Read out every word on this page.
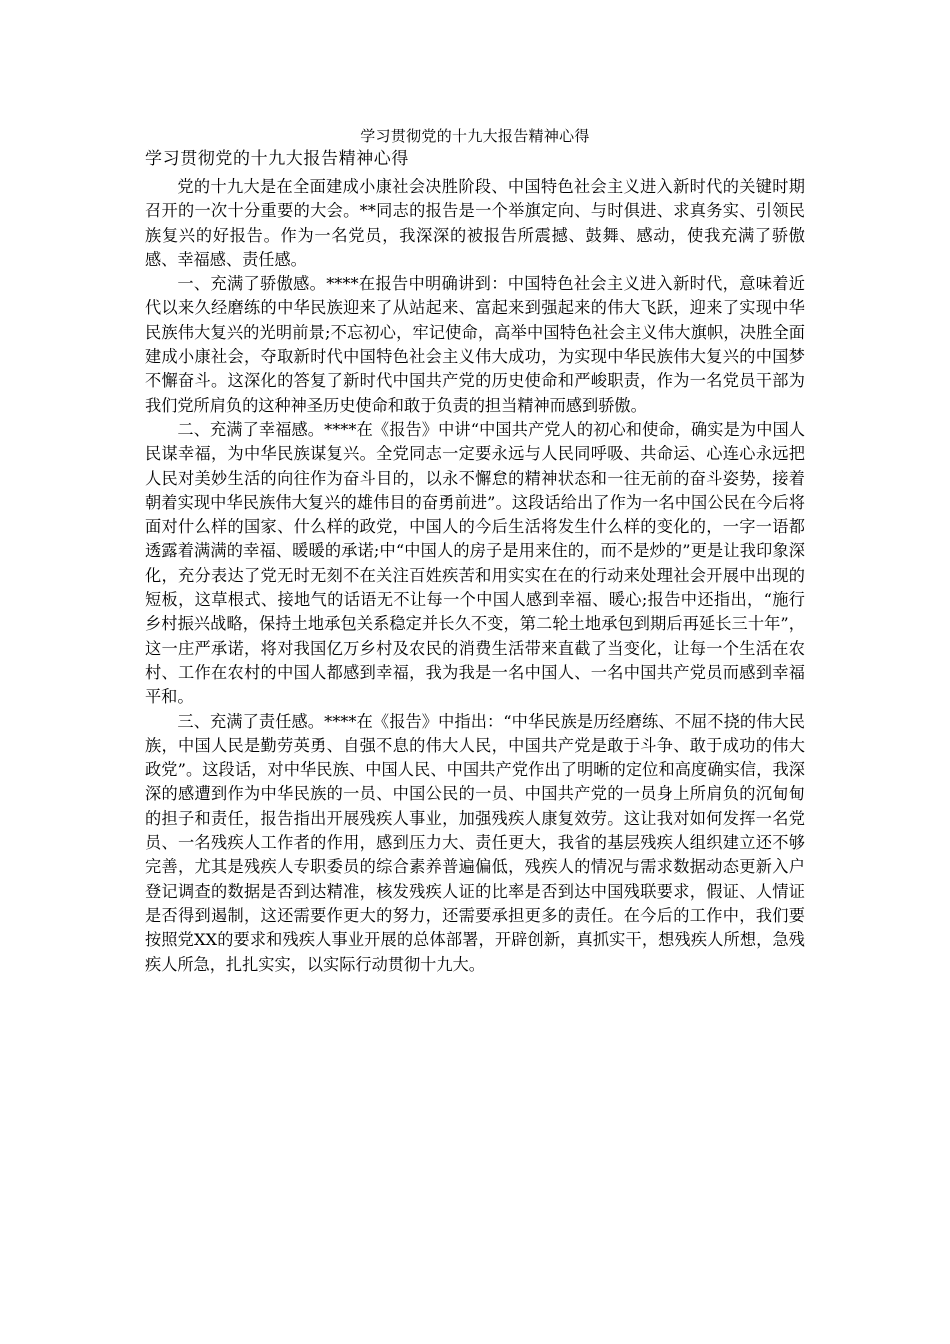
学习贯彻党的十九大报告精神心得
学习贯彻党的十九大报告精神心得

党的十九大是在全面建成小康社会决胜阶段、中国特色社会主义进入新时代的关键时期召开的一次十分重要的大会。**同志的报告是一个举旗定向、与时俱进、求真务实、引领民族复兴的好报告。作为一名党员，我深深的被报告所震撼、鼓舞、感动，使我充满了骄傲感、幸福感、责任感。

一、充满了骄傲感。****在报告中明确讲到：中国特色社会主义进入新时代，意味着近代以来久经磨练的中华民族迎来了从站起来、富起来到强起来的伟大飞跃，迎来了实现中华民族伟大复兴的光明前景;不忘初心，牢记使命，高举中国特色社会主义伟大旗帜，决胜全面建成小康社会，夺取新时代中国特色社会主义伟大成功，为实现中华民族伟大复兴的中国梦不懈奋斗。这深化的答复了新时代中国共产党的历史使命和严峻职责，作为一名党员干部为我们党所肩负的这种神圣历史使命和敢于负责的担当精神而感到骄傲。

二、充满了幸福感。****在《报告》中讲“中国共产党人的初心和使命，确实是为中国人民谋幸福，为中华民族谋复兴。全党同志一定要永远与人民同呼吸、共命运、心连心永远把人民对美妙生活的向往作为奋斗目的，以永不懈怠的精神状态和一往无前的奋斗姿势，接着朝着实现中华民族伟大复兴的雄伟目的奋勇前进”。这段话给出了作为一名中国公民在今后将面对什么样的国家、什么样的政党，中国人的今后生活将发生什么样的变化的，一字一语都透露着满满的幸福、暖暖的承诺;中“中国人的房子是用来住的，而不是炒的”更是让我印象深化，充分表达了党无时无刻不在关注百姓疾苦和用实实在在的行动来处理社会开展中出现的短板，这草根式、接地气的话语无不让每一个中国人感到幸福、暖心;报告中还指出，“施行乡村振兴战略，保持土地承包关系稳定并长久不变，第二轮土地承包到期后再延长三十年”，这一庄严承诺，将对我国亿万乡村及农民的消费生活带来直截了当变化，让每一个生活在农村、工作在农村的中国人都感到幸福，我为我是一名中国人、一名中国共产党员而感到幸福平和。

三、充满了责任感。****在《报告》中指出：“中华民族是历经磨练、不屈不挠的伟大民族，中国人民是勤劳英勇、自强不息的伟大人民，中国共产党是敢于斗争、敢于成功的伟大政党”。这段话，对中华民族、中国人民、中国共产党作出了明晰的定位和高度确实信，我深深的感遭到作为中华民族的一员、中国公民的一员、中国共产党的一员身上所肩负的沉甸甸的担子和责任，报告指出开展残疾人事业，加强残疾人康复效劳。这让我对如何发挥一名党员、一名残疾人工作者的作用，感到压力大、责任更大，我省的基层残疾人组织建立还不够完善，尤其是残疾人专职委员的综合素养普遍偏低，残疾人的情况与需求数据动态更新入户登记调查的数据是否到达精准，核发残疾人证的比率是否到达中国残联要求，假证、人情证是否得到遏制，这还需要作更大的努力，还需要承担更多的责任。在今后的工作中，我们要按照党XX的要求和残疾人事业开展的总体部署，开辟创新，真抓实干，想残疾人所想，急残疾人所急，扎扎实实，以实际行动贯彻十九大。
